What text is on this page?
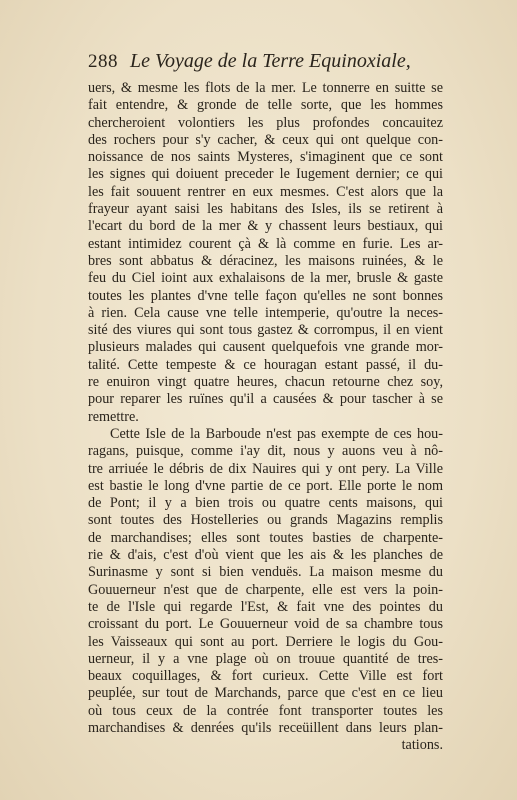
288 Le Voyage de la Terre Equinoxiale,
uers, & mesme les flots de la mer. Le tonnerre en suitte se
fait entendre, & gronde de telle sorte, que les hommes
chercheroient volontiers les plus profondes concauitez
des rochers pour s'y cacher, & ceux qui ont quelque con-
noissance de nos saints Mysteres, s'imaginent que ce sont
les signes qui doiuent preceder le Iugement dernier; ce qui
les fait souuent rentrer en eux mesmes. C'est alors que la
frayeur ayant saisi les habitans des Isles, ils se retirent à
l'ecart du bord de la mer & y chassent leurs bestiaux, qui
estant intimidez courent çà & là comme en furie. Les ar-
bres sont abbatus & déracinez, les maisons ruinées, & le
feu du Ciel ioint aux exhalaisons de la mer, brusle & gaste
toutes les plantes d'vne telle façon qu'elles ne sont bonnes
à rien. Cela cause vne telle intemperie, qu'outre la neces-
sité des viures qui sont tous gastez & corrompus, il en vient
plusieurs malades qui causent quelquefois vne grande mor-
talité. Cette tempeste & ce houragan estant passé, il du-
re enuiron vingt quatre heures, chacun retourne chez soy,
pour reparer les ruïnes qu'il a causées & pour tascher à se
remettre.
Cette Isle de la Barboude n'est pas exempte de ces hou-
ragans, puisque, comme i'ay dit, nous y auons veu à nô-
tre arriuée le débris de dix Nauires qui y ont pery. La Ville
est bastie le long d'vne partie de ce port. Elle porte le nom
de Pont; il y a bien trois ou quatre cents maisons, qui
sont toutes des Hostelleries ou grands Magazins remplis
de marchandises; elles sont toutes basties de charpente-
rie & d'ais, c'est d'où vient que les ais & les planches de
Surinasme y sont si bien venduës. La maison mesme du
Gouuerneur n'est que de charpente, elle est vers la poin-
te de l'Isle qui regarde l'Est, & fait vne des pointes du
croissant du port. Le Gouuerneur void de sa chambre tous
les Vaisseaux qui sont au port. Derriere le logis du Gou-
uerneur, il y a vne plage où on trouue quantité de tres-
beaux coquillages, & fort curieux. Cette Ville est fort
peuplée, sur tout de Marchands, parce que c'est en ce lieu
où tous ceux de la contrée font transporter toutes les
marchandises & denrées qu'ils receüillent dans leurs plan-
tations.
